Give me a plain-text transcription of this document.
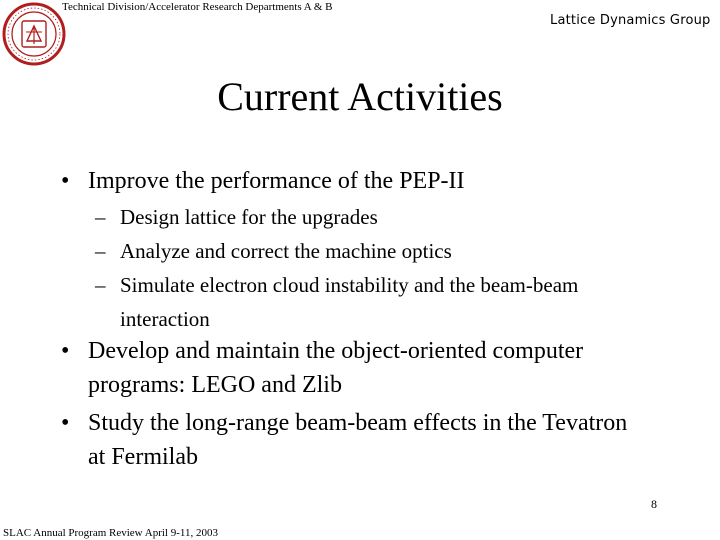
Technical Division/Accelerator Research Departments A & B
Lattice Dynamics Group
Current Activities
• Improve the performance of the PEP-II
– Design lattice for the upgrades
– Analyze and correct the machine optics
– Simulate electron cloud instability and the beam-beam interaction
• Develop and maintain the object-oriented computer programs: LEGO and Zlib
• Study the long-range beam-beam effects in the Tevatron at Fermilab
8
SLAC Annual Program Review April 9-11, 2003
